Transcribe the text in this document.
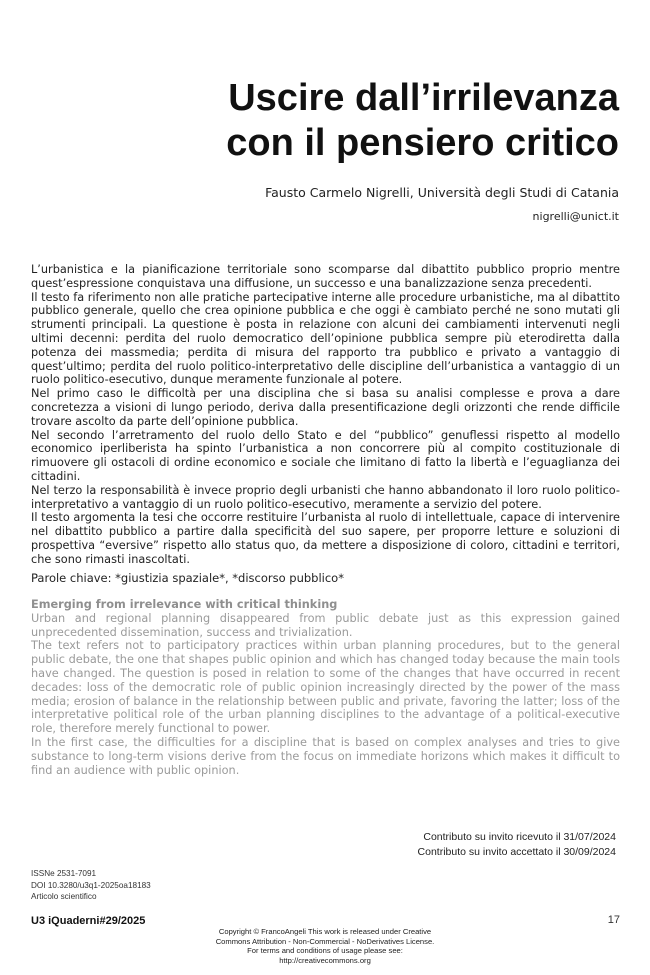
Uscire dall’irrilevanza
con il pensiero critico
Fausto Carmelo Nigrelli, Università degli Studi di Catania
nigrelli@unict.it

L’urbanistica e la pianificazione territoriale sono scomparse dal dibattito pubblico proprio mentre quest’espressione conquistava una diffusione, un successo e una banalizzazione senza precedenti.

Il testo fa riferimento non alle pratiche partecipative interne alle procedure urbanistiche, ma al dibattito pubblico generale, quello che crea opinione pubblica e che oggi è cambiato perché ne sono mutati gli strumenti principali. La questione è posta in relazione con alcuni dei cambiamenti intervenuti negli ultimi decenni: perdita del ruolo democratico dell’opinione pubblica sempre più eterodiretta dalla potenza dei massmedia; perdita di misura del rapporto tra pubblico e privato a vantaggio di quest’ultimo; perdita del ruolo politico-interpretativo delle discipline dell’urbanistica a vantaggio di un ruolo politico-esecutivo, dunque meramente funzionale al potere.

Nel primo caso le difficoltà per una disciplina che si basa su analisi complesse e prova a dare concretezza a visioni di lungo periodo, deriva dalla presentificazione degli orizzonti che rende difficile trovare ascolto da parte dell’opinione pubblica.

Nel secondo l’arretramento del ruolo dello Stato e del “pubblico” genuflessi rispetto al modello economico iperliberista ha spinto l’urbanistica a non concorrere più al compito costituzionale di rimuovere gli ostacoli di ordine economico e sociale che limitano di fatto la libertà e l’eguaglianza dei cittadini.

Nel terzo la responsabilità è invece proprio degli urbanisti che hanno abbandonato il loro ruolo politico-interpretativo a vantaggio di un ruolo politico-esecutivo, meramente a servizio del potere.

Il testo argomenta la tesi che occorre restituire l’urbanista al ruolo di intellettuale, capace di intervenire nel dibattito pubblico a partire dalla specificità del suo sapere, per proporre letture e soluzioni di prospettiva “eversive” rispetto allo status quo, da mettere a disposizione di coloro, cittadini e territori, che sono rimasti inascoltati.

Parole chiave: *giustizia spaziale*, *discorso pubblico*

Emerging from irrelevance with critical thinking

Urban and regional planning disappeared from public debate just as this expression gained unprecedented dissemination, success and trivialization.

The text refers not to participatory practices within urban planning procedures, but to the general public debate, the one that shapes public opinion and which has changed today because the main tools have changed. The question is posed in relation to some of the changes that have occurred in recent decades: loss of the democratic role of public opinion increasingly directed by the power of the mass media; erosion of balance in the relationship between public and private, favoring the latter; loss of the interpretative political role of the urban planning disciplines to the advantage of a political-executive role, therefore merely functional to power.

In the first case, the difficulties for a discipline that is based on complex analyses and tries to give substance to long-term visions derive from the focus on immediate horizons which makes it difficult to find an audience with public opinion.

Contributo su invito ricevuto il 31/07/2024
Contributo su invito accettato il 30/09/2024
ISSNe 2531-7091
DOI 10.3280/u3q1-2025oa18183
Articolo scientifico
U3 iQuaderni#29/2025	17
Copyright © FrancoAngeli This work is released under Creative
Commons Attribution - Non-Commercial - NoDerivatives License.
For terms and conditions of usage please see:
http://creativecommons.org
